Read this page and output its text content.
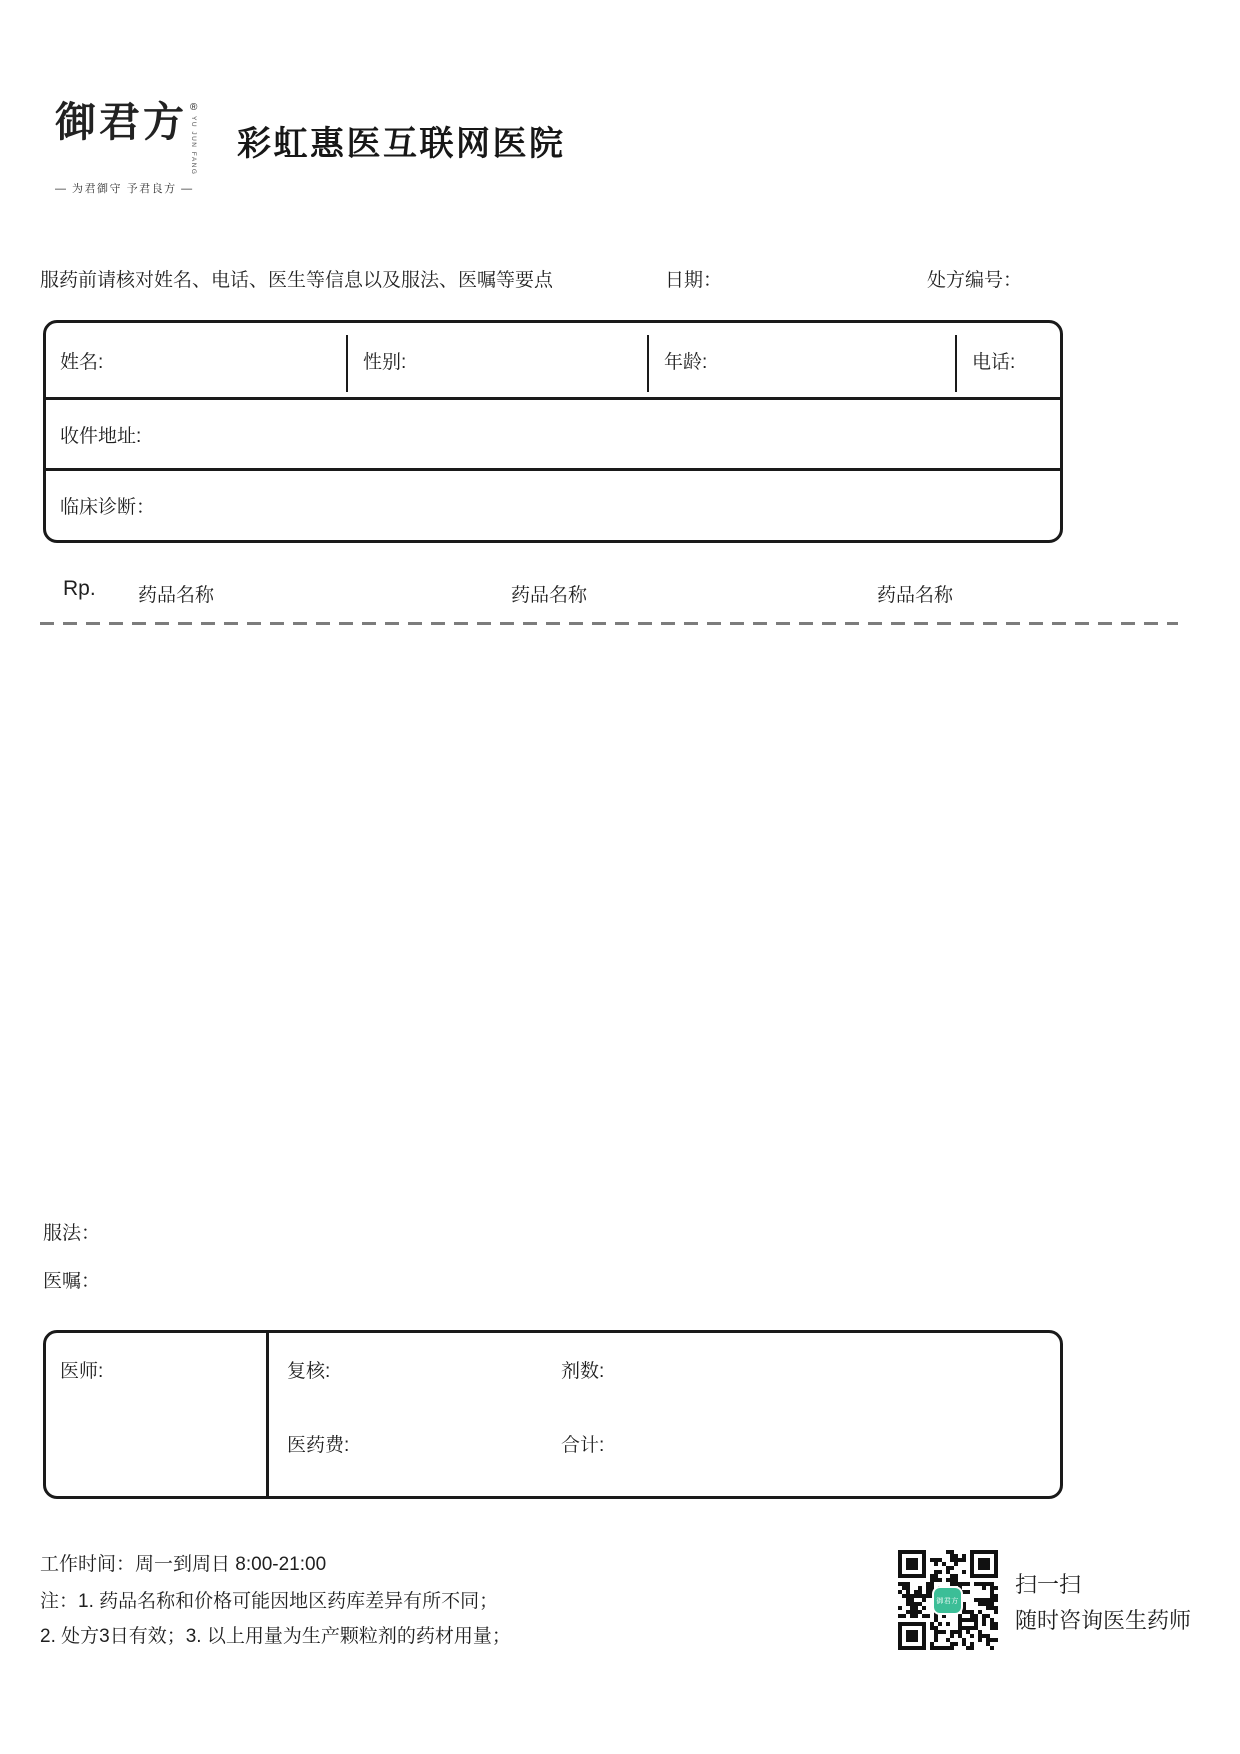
御君方 ®
YU JUN FANG
— 为君御守 予君良方 —
彩虹惠医互联网医院
服药前请核对姓名、电话、医生等信息以及服法、医嘱等要点	日期：	处方编号：
姓名:	性别:	年龄:	电话:
收件地址:
临床诊断：
Rp. 药品名称	药品名称	药品名称
服法：
医嘱：
医师:	复核:	剂数:
医药费:	合计:
工作时间：周一到周日 8:00-21:00
注：1. 药品名称和价格可能因地区药库差异有所不同；
2. 处方3日有效；3. 以上用量为生产颗粒剂的药材用量；
御君方
扫一扫
随时咨询医生药师
